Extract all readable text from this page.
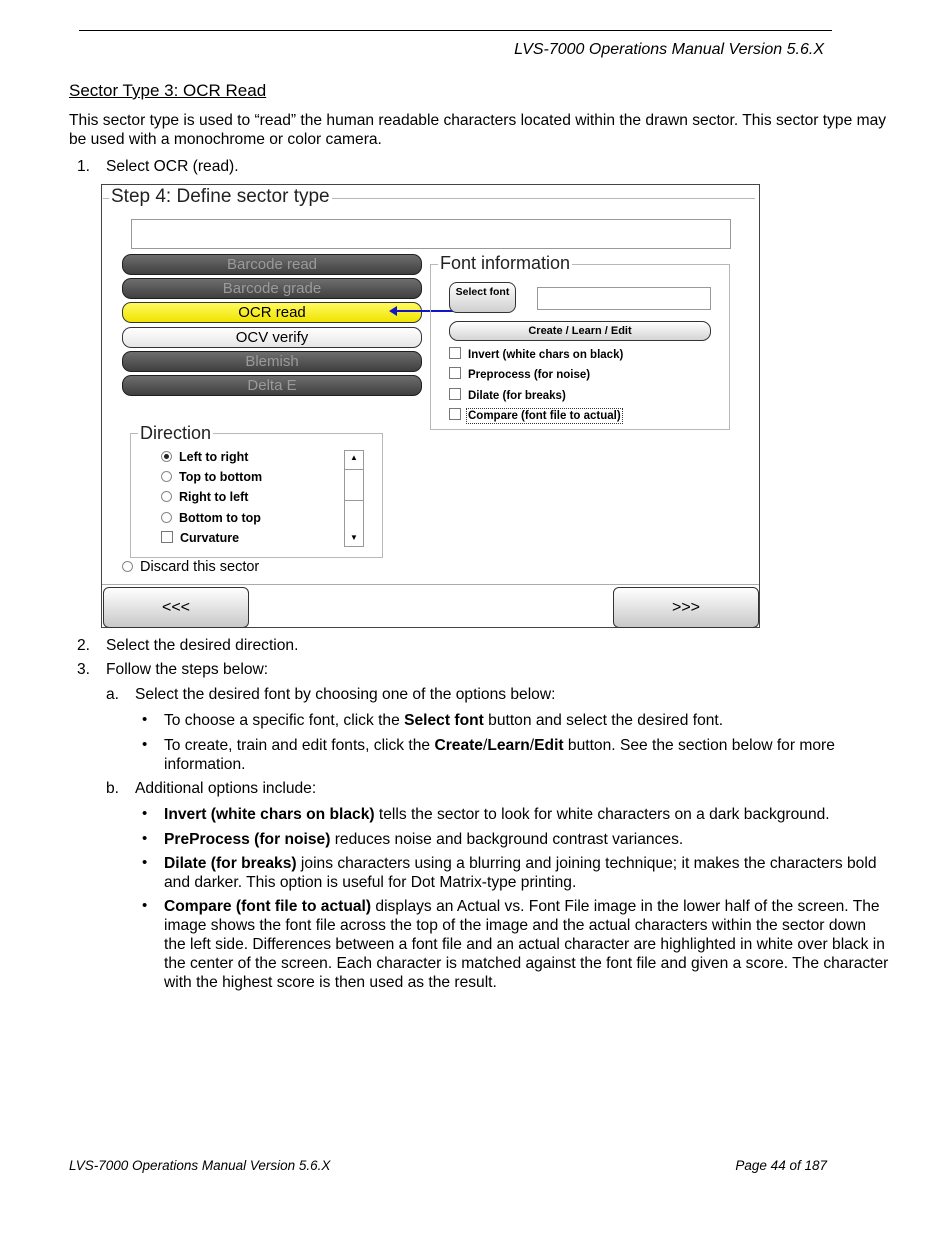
LVS-7000 Operations Manual Version 5.6.X
Sector Type 3: OCR Read
This sector type is used to “read” the human readable characters located within the drawn sector. This sector type may be used with a monochrome or color camera.
1. Select OCR (read).
Step 4: Define sector type
Barcode read
Barcode grade
OCR read
OCV verify
Blemish
Delta E
Font information
Select font
Create / Learn / Edit
Invert (white chars on black)
Preprocess (for noise)
Dilate (for breaks)
Compare (font file to actual)
Direction
Left to right
Top to bottom
Right to left
Bottom to top
Curvature
▲
▼
Discard this sector
<<<	>>>
2. Select the desired direction.
3. Follow the steps below:
a. Select the desired font by choosing one of the options below:
• To choose a specific font, click the Select font button and select the desired font.
• To create, train and edit fonts, click the Create/Learn/Edit button. See the section below for more information.
b. Additional options include:
• Invert (white chars on black) tells the sector to look for white characters on a dark background.
• PreProcess (for noise) reduces noise and background contrast variances.
• Dilate (for breaks) joins characters using a blurring and joining technique; it makes the characters bold and darker. This option is useful for Dot Matrix-type printing.
• Compare (font file to actual) displays an Actual vs. Font File image in the lower half of the screen. The image shows the font file across the top of the image and the actual characters within the sector down the left side. Differences between a font file and an actual character are highlighted in white over black in the center of the screen. Each character is matched against the font file and given a score. The character with the highest score is then used as the result.
LVS-7000 Operations Manual Version 5.6.X	Page 44 of 187
